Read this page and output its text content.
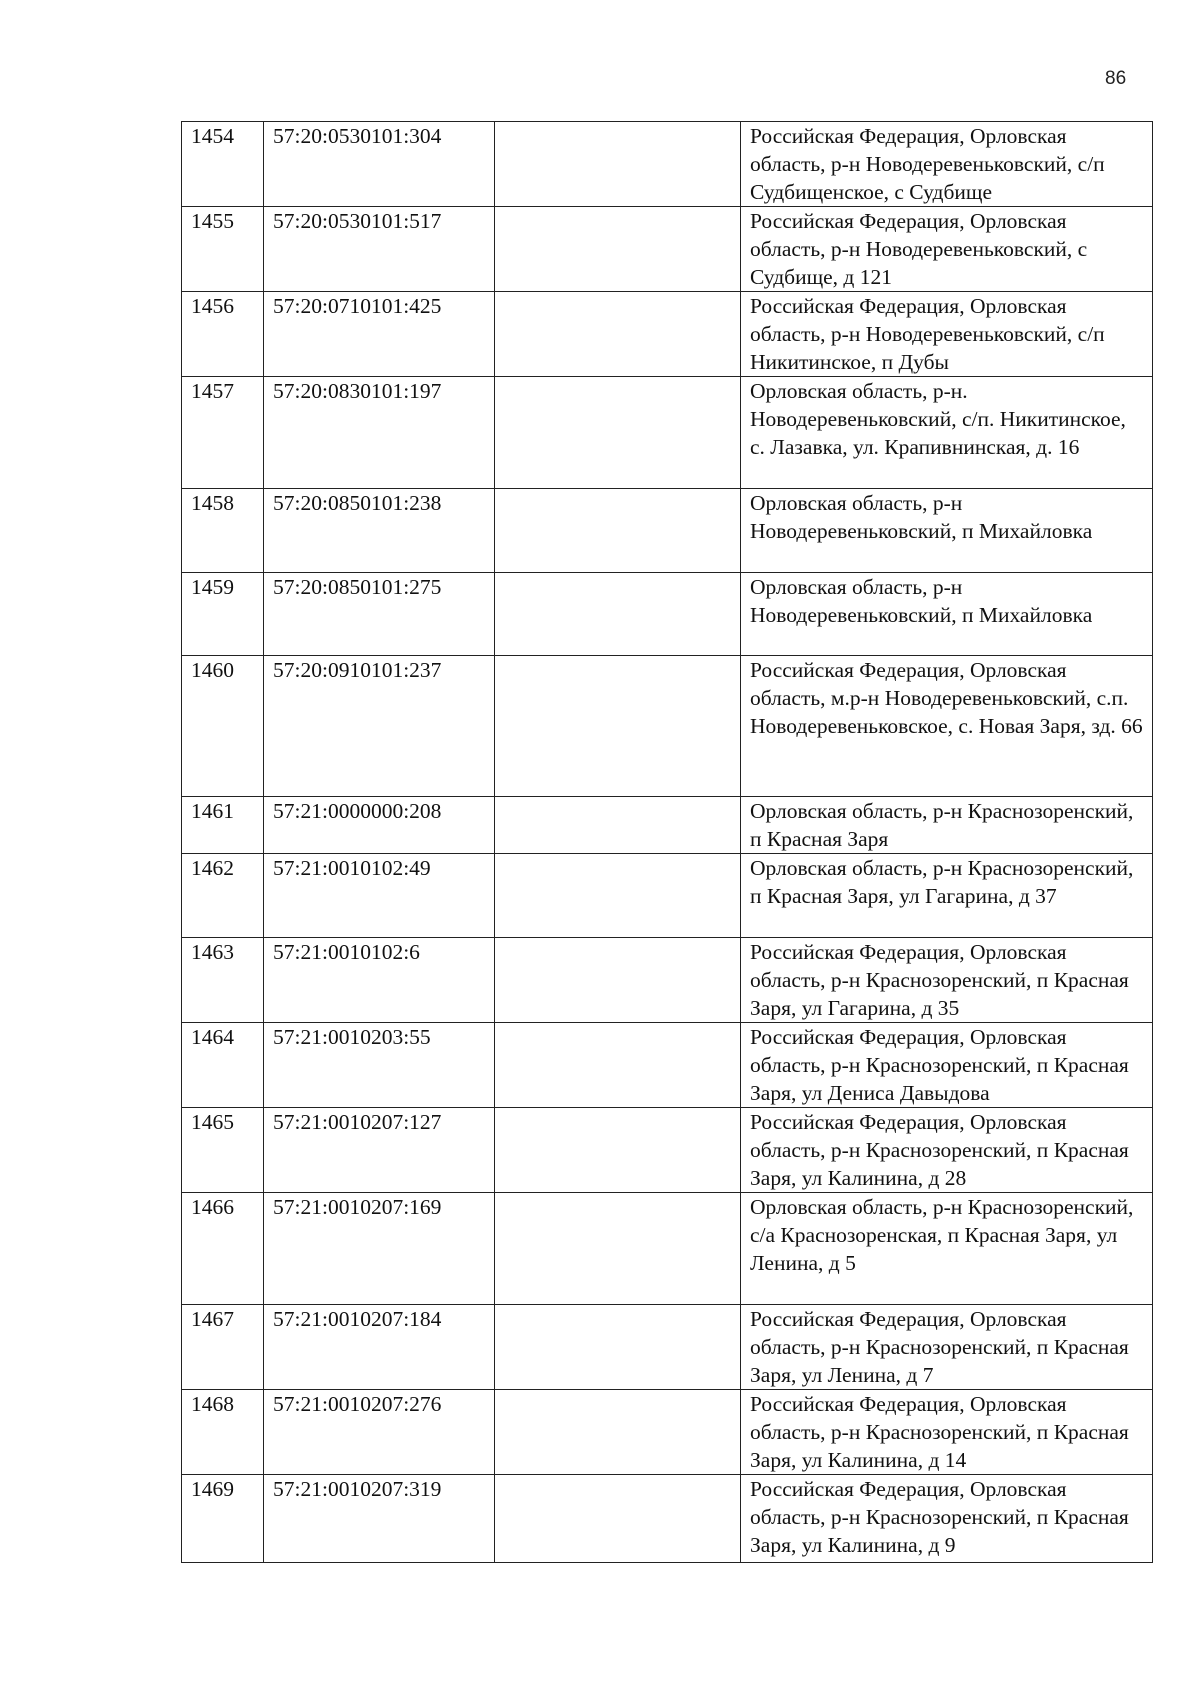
86
1454	57:20:0530101:304		Российская Федерация, Орловская область, р-н Новодеревеньковский, с/п Судбищенское, с Судбище
1455	57:20:0530101:517		Российская Федерация, Орловская область, р-н Новодеревеньковский, с Судбище, д 121
1456	57:20:0710101:425		Российская Федерация, Орловская область, р-н Новодеревеньковский, с/п Никитинское, п Дубы
1457	57:20:0830101:197		Орловская область, р-н. Новодеревеньковский, с/п. Никитинское, с. Лазавка, ул. Крапивнинская, д. 16
1458	57:20:0850101:238		Орловская область, р-н Новодеревеньковский, п Михайловка
1459	57:20:0850101:275		Орловская область, р-н Новодеревеньковский, п Михайловка
1460	57:20:0910101:237		Российская Федерация, Орловская область, м.р-н Новодеревеньковский, с.п. Новодеревеньковское, с. Новая Заря, зд. 66
1461	57:21:0000000:208		Орловская область, р-н Краснозоренский, п Красная Заря
1462	57:21:0010102:49		Орловская область, р-н Краснозоренский, п Красная Заря, ул Гагарина, д 37
1463	57:21:0010102:6		Российская Федерация, Орловская область, р-н Краснозоренский, п Красная Заря, ул Гагарина, д 35
1464	57:21:0010203:55		Российская Федерация, Орловская область, р-н Краснозоренский, п Красная Заря, ул Дениса Давыдова
1465	57:21:0010207:127		Российская Федерация, Орловская область, р-н Краснозоренский, п Красная Заря, ул Калинина, д 28
1466	57:21:0010207:169		Орловская область, р-н Краснозоренский, с/а Краснозоренская, п Красная Заря, ул Ленина, д 5
1467	57:21:0010207:184		Российская Федерация, Орловская область, р-н Краснозоренский, п Красная Заря, ул Ленина, д 7
1468	57:21:0010207:276		Российская Федерация, Орловская область, р-н Краснозоренский, п Красная Заря, ул Калинина, д 14
1469	57:21:0010207:319		Российская Федерация, Орловская область, р-н Краснозоренский, п Красная Заря, ул Калинина, д 9
